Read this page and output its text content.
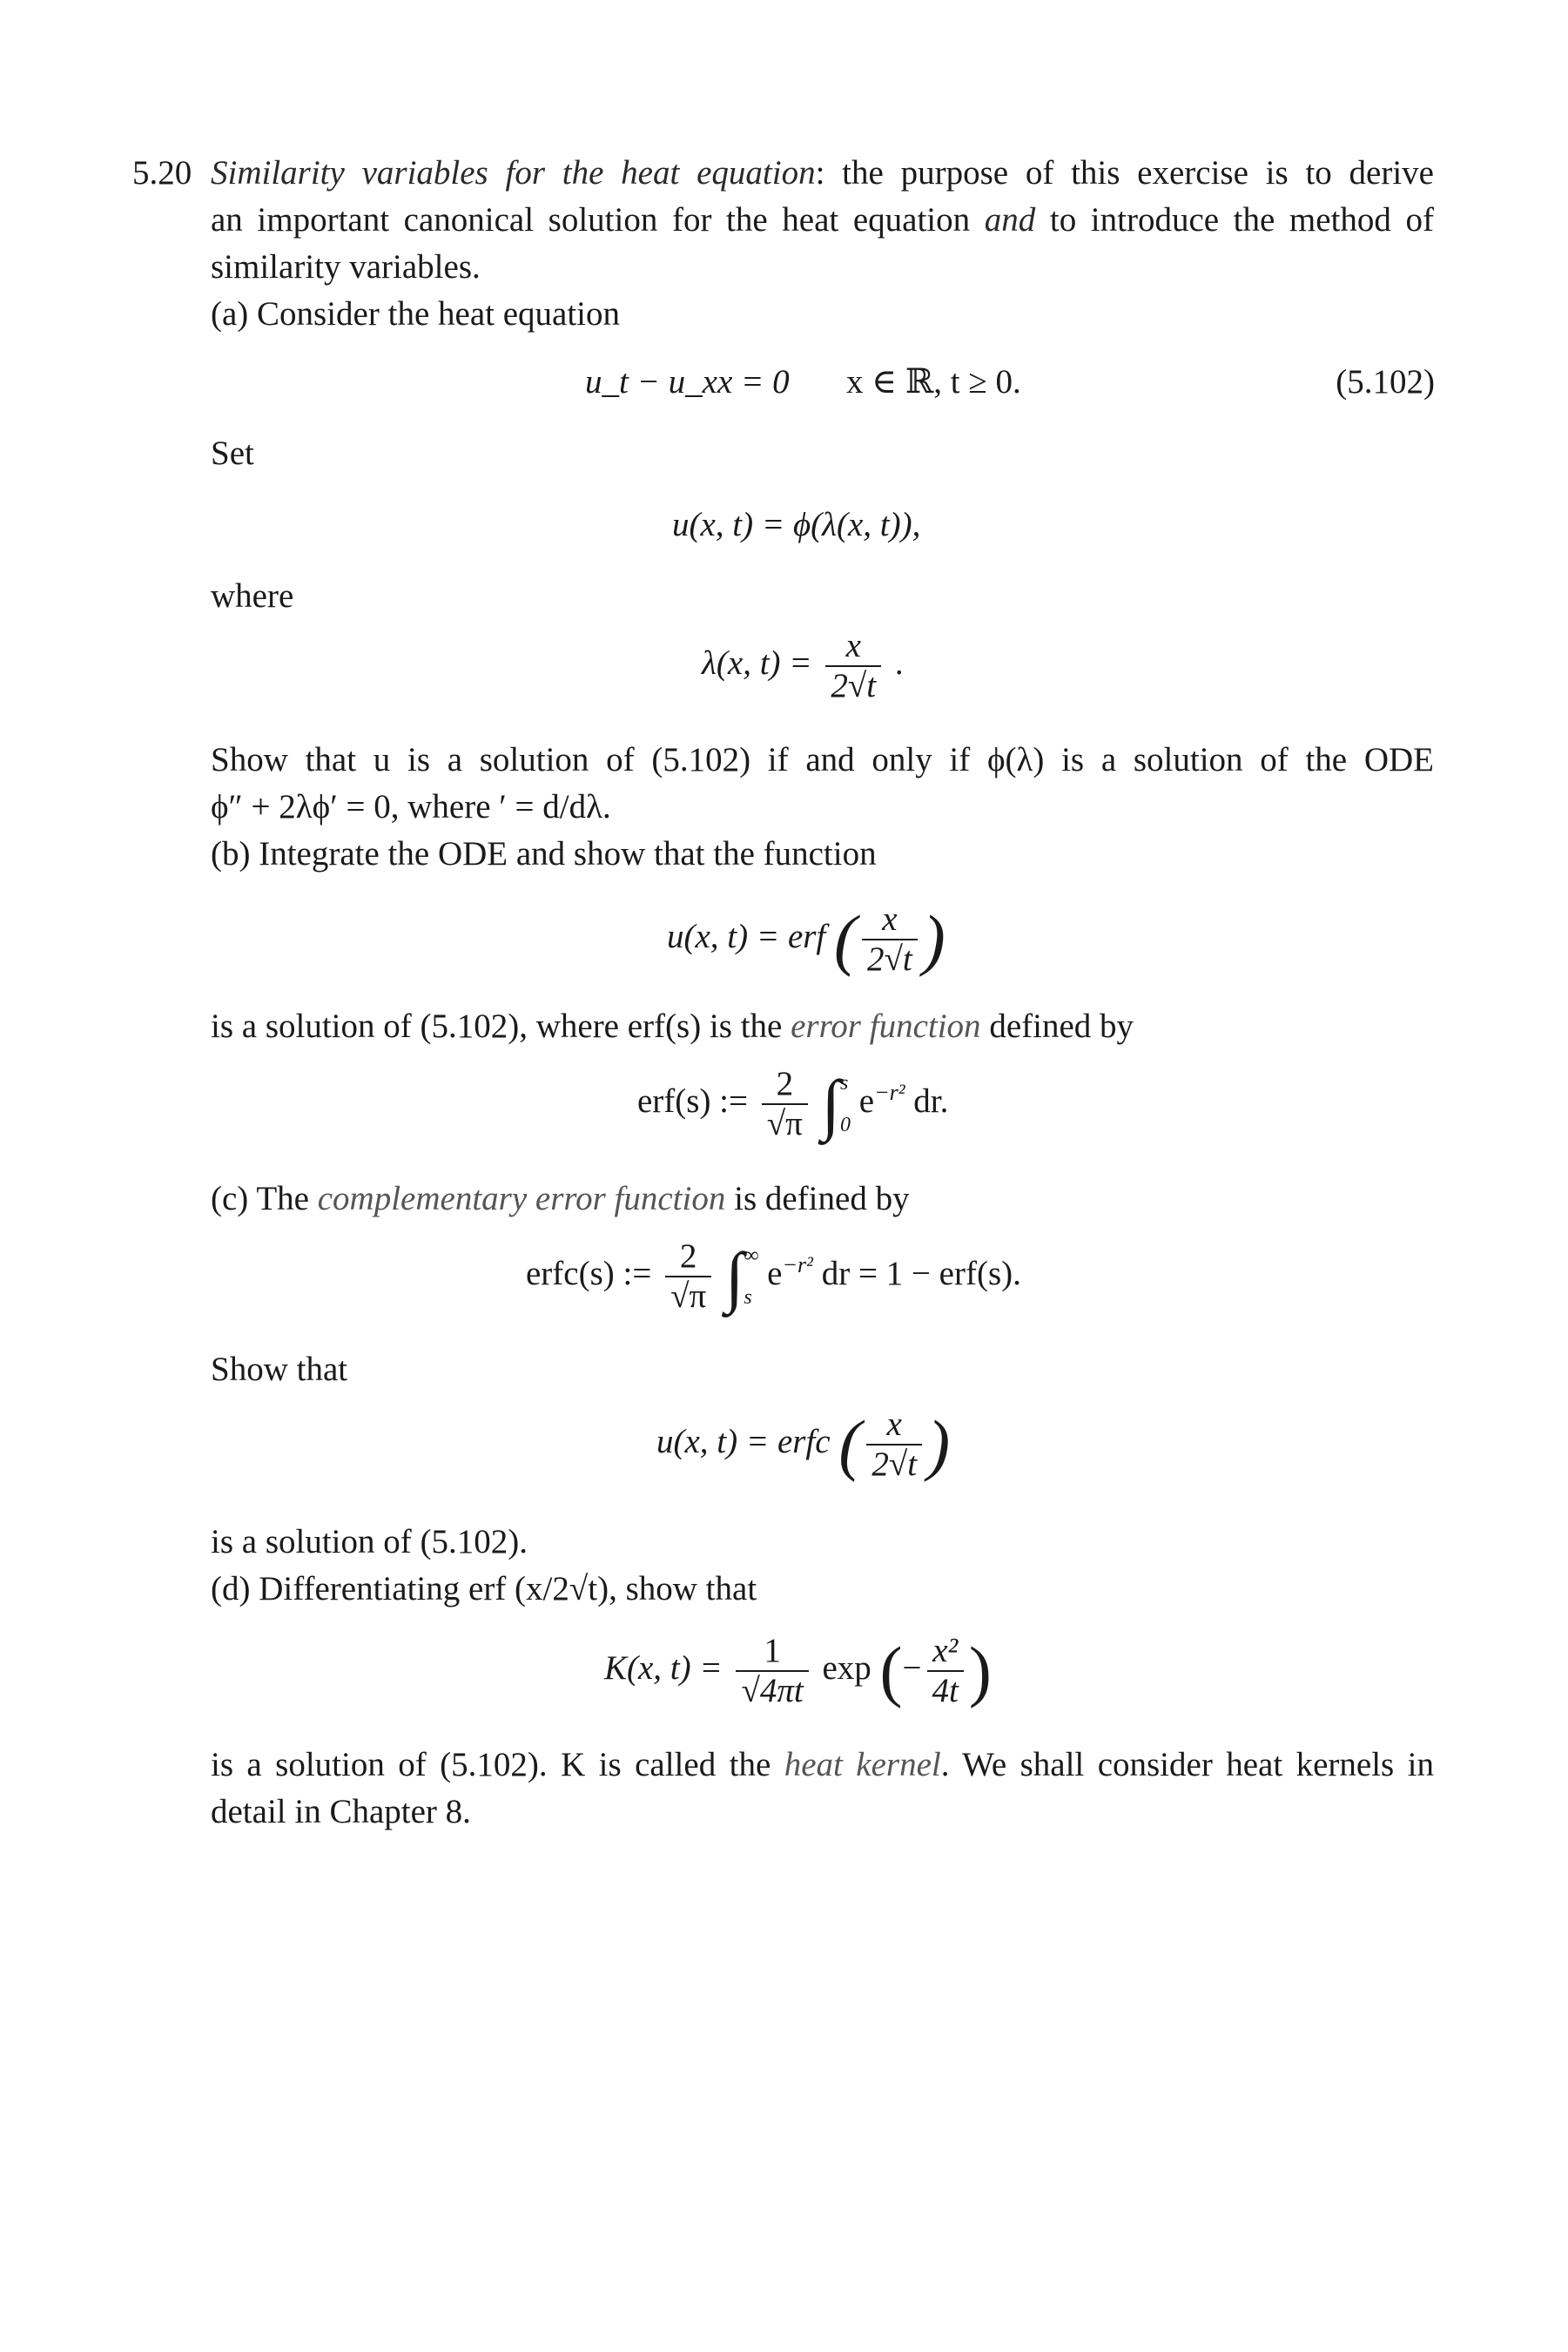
5.20 Similarity variables for the heat equation: the purpose of this exercise is to derive
an important canonical solution for the heat equation and to introduce the method of
similarity variables.
(a) Consider the heat equation
u_t − u_xx = 0 x ∈ ℝ, t ≥ 0.	(5.102)
Set
u(x, t) = ϕ(λ(x, t)),
where
λ(x, $t) = \frac{x}{2√t}$ .
Show that u is a solution of (5.102) if and only if ϕ(λ) is a solution of the ODE
ϕ″ + 2λϕ′ = 0, where ′ = d/dλ.
(b) Integrate the ODE and show that the function
u(x, t) = erf ( $\frac{x}{2√t}$ )
is a solution of (5.102), where erf(s) is the error function defined by
erf(s) := $\frac{2}{√\pi}$ ∫ s
0
$e^{-r^2}$ dr.
(c) The complementary error function is defined by
erfc(s) := $\frac{2}{√\pi}$ ∫ ∞
s
$e^{-r^2}$ dr = 1 − erf(s).
Show that
u(x, t) = erfc ( $\frac{x}{2√t}$ )
is a solution of (5.102).
(d) Differentiating erf (x/2√t), show that
K(x, $t) = \frac{1}{√4\pi t}$ exp (− $\frac{\text{x²}}{4t}$ )
is a solution of (5.102). K is called the heat kernel. We shall consider heat kernels in
detail in Chapter 8.
